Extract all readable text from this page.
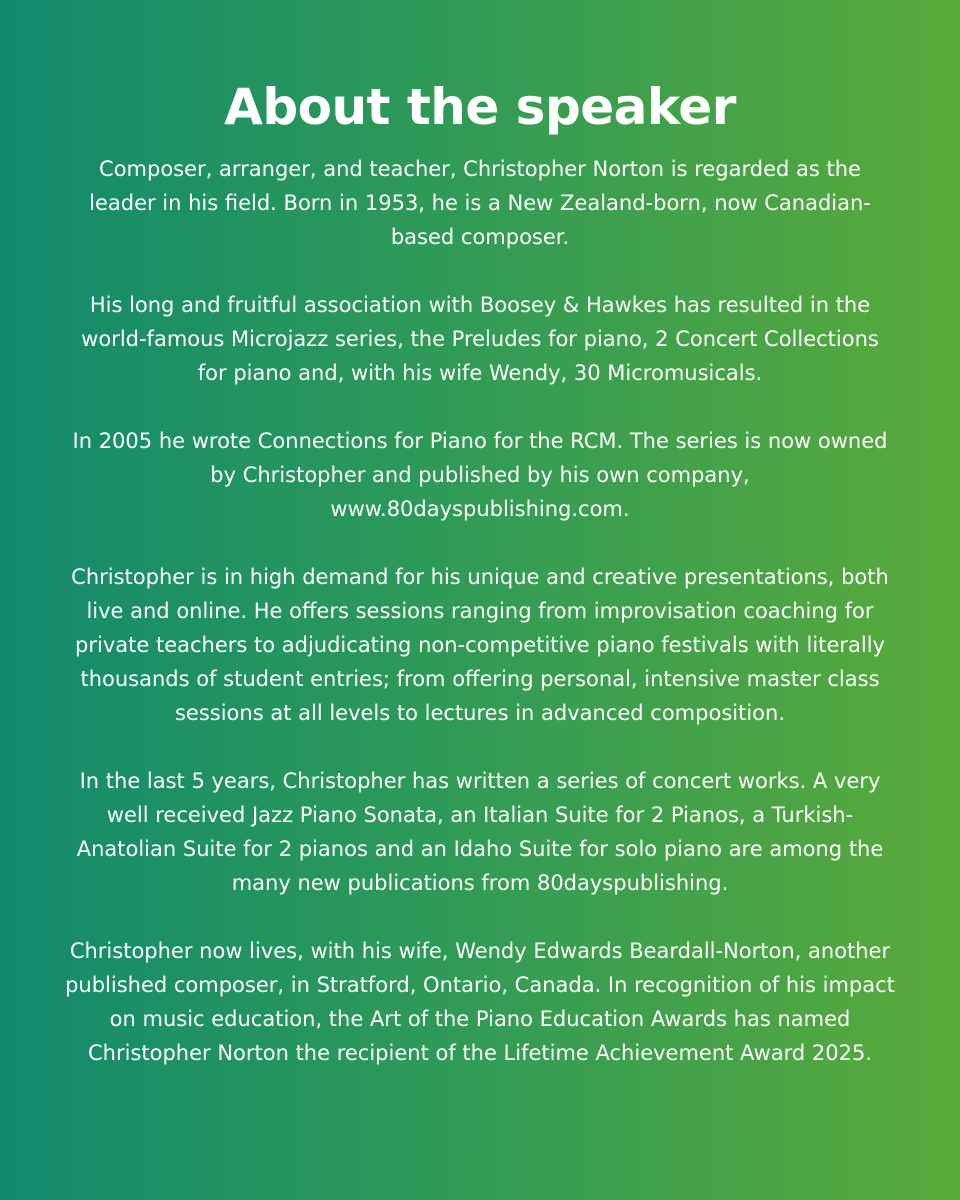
About the speaker

Composer, arranger, and teacher, Christopher Norton is regarded as the leader in his field. Born in 1953, he is a New Zealand-born, now Canadian-based composer.

His long and fruitful association with Boosey & Hawkes has resulted in the world-famous Microjazz series, the Preludes for piano, 2 Concert Collections for piano and, with his wife Wendy, 30 Micromusicals.

In 2005 he wrote Connections for Piano for the RCM. The series is now owned by Christopher and published by his own company, www.80dayspublishing.com.

Christopher is in high demand for his unique and creative presentations, both live and online. He offers sessions ranging from improvisation coaching for private teachers to adjudicating non-competitive piano festivals with literally thousands of student entries; from offering personal, intensive master class sessions at all levels to lectures in advanced composition.

In the last 5 years, Christopher has written a series of concert works. A very well received Jazz Piano Sonata, an Italian Suite for 2 Pianos, a Turkish-Anatolian Suite for 2 pianos and an Idaho Suite for solo piano are among the many new publications from 80dayspublishing.

Christopher now lives, with his wife, Wendy Edwards Beardall-Norton, another published composer, in Stratford, Ontario, Canada. In recognition of his impact on music education, the Art of the Piano Education Awards has named Christopher Norton the recipient of the Lifetime Achievement Award 2025.
